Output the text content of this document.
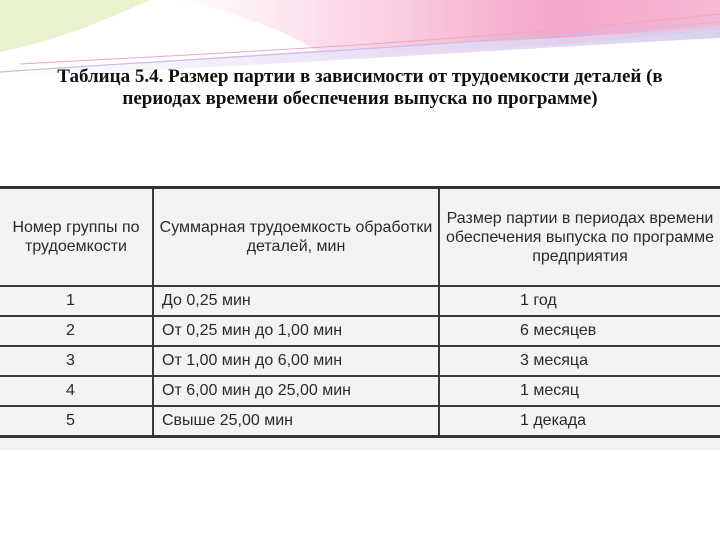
Таблица 5.4. Размер партии в зависимости от трудоемкости деталей (в периодах времени обеспечения выпуска по программе)
Номер группы по трудоемкости	Суммарная трудоемкость обработки деталей, мин	Размер партии в периодах времени обеспечения выпуска по программе предприятия
1	До 0,25 мин	1 год
2	От 0,25 мин до 1,00 мин	6 месяцев
3	От 1,00 мин до 6,00 мин	3 месяца
4	От 6,00 мин до 25,00 мин	1 месяц
5	Свыше 25,00 мин	1 декада
